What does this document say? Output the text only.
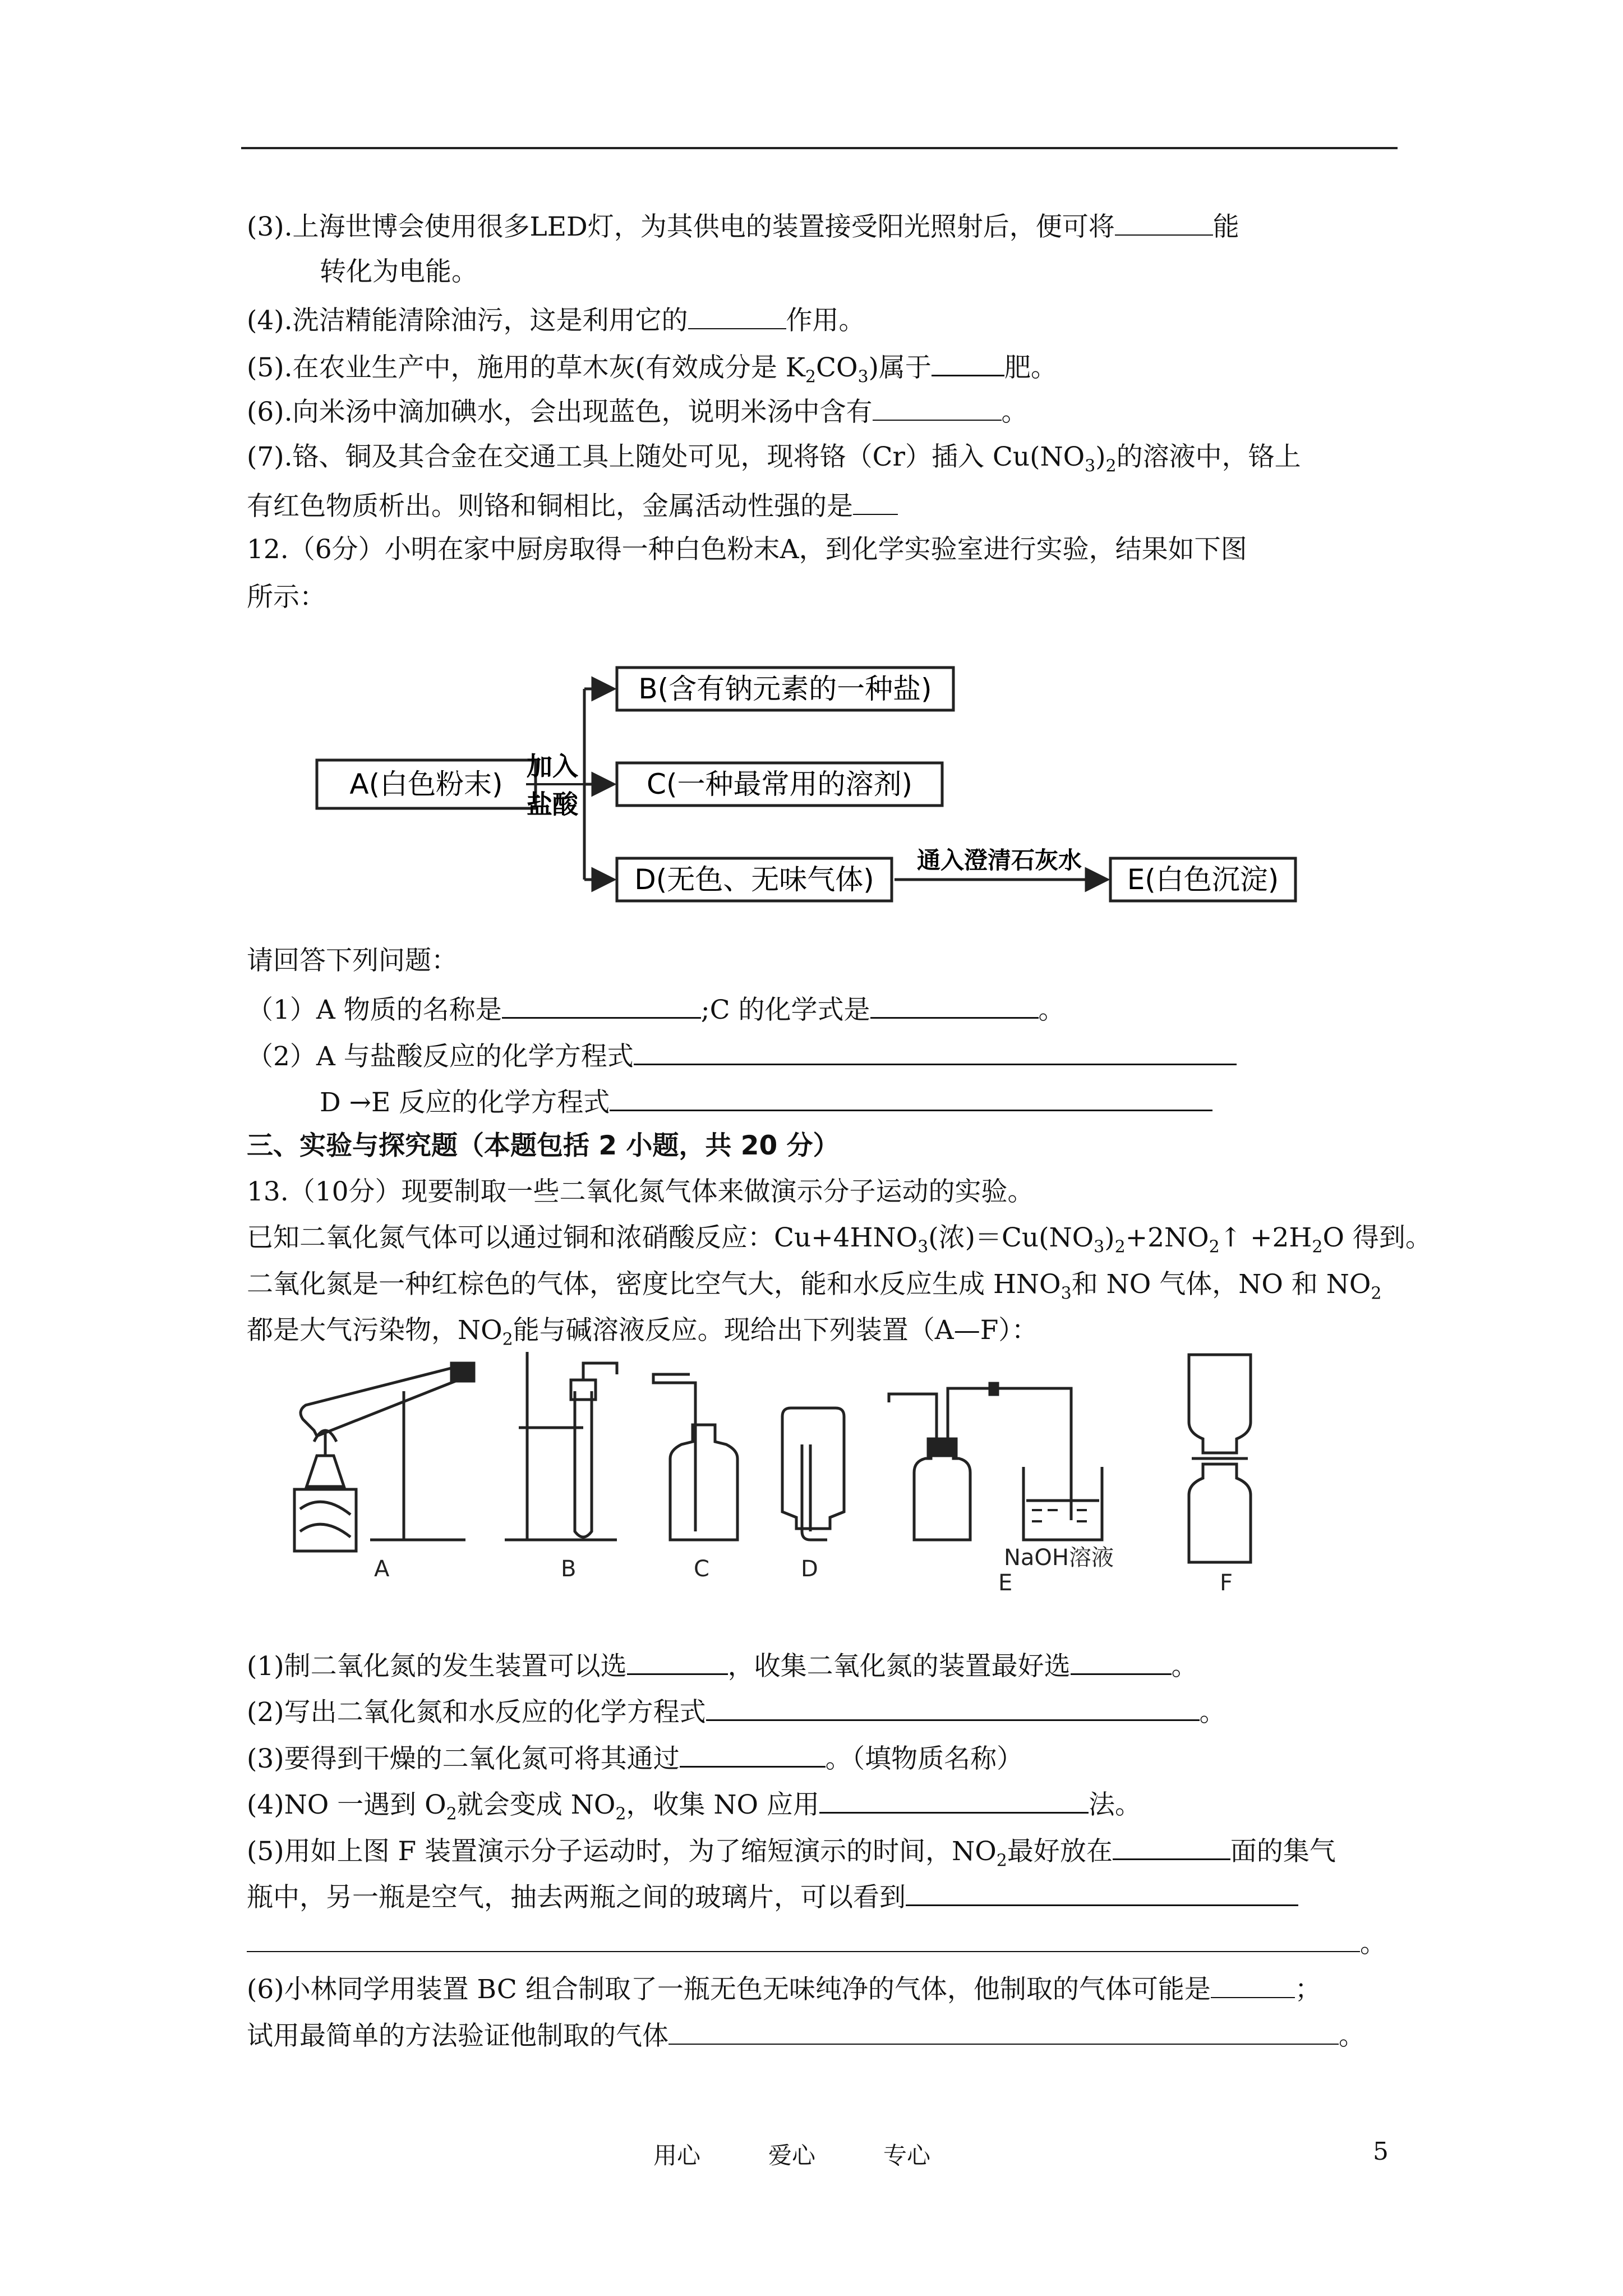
(3).上海世博会使用很多LED灯，为其供电的装置接受阳光照射后，便可将	能
转化为电能。
(4).洗洁精能清除油污，这是利用它的	作用。
(5).在农业生产中，施用的草木灰(有效成分是 $K_2CO_3$)属于	肥。
(6).向米汤中滴加碘水，会出现蓝色，说明米汤中含有	。
(7).铬、铜及其合金在交通工具上随处可见，现将铬（Cr）插入 $Cu(NO_3)_2$的溶液中，铬上
有红色物质析出。则铬和铜相比，金属活动性强的是
12.（6分）小明在家中厨房取得一种白色粉末A，到化学实验室进行实验，结果如下图
所示：
A(白色粉末)
加入
盐酸
B(含有钠元素的一种盐)
C(一种最常用的溶剂)
D(无色、无味气体)
通入澄清石灰水
E(白色沉淀)
请回答下列问题：
（1）A 物质的名称是	;C 的化学式是	。
（2）A 与盐酸反应的化学方程式
D →E 反应的化学方程式
三、实验与探究题（本题包括 2 小题，共 20 分）
13.（10分）现要制取一些二氧化氮气体来做演示分子运动的实验。
已知二氧化氮气体可以通过铜和浓硝酸反应：$Cu+4HNO_3$(浓)$=Cu(NO_3)_2+2NO_2↑ +2H_2O$ 得到。
二氧化氮是一种红棕色的气体，密度比空气大，能和水反应生成 $HNO_3$和 NO 气体，NO 和 $NO_2$
都是大气污染物，$NO_2$能与碱溶液反应。现给出下列装置（A—F）：
NaOH溶液
A	B	C	D
E	F
(1)制二氧化氮的发生装置可以选	，收集二氧化氮的装置最好选	。
(2)写出二氧化氮和水反应的化学方程式	。
(3)要得到干燥的二氧化氮可将其通过	。（填物质名称）
(4)NO 一遇到 $O_2$就会变成 $NO_2$，收集 NO 应用	法。
(5)用如上图 F 装置演示分子运动时，为了缩短演示的时间，$NO_2$最好放在	面的集气
瓶中，另一瓶是空气，抽去两瓶之间的玻璃片，可以看到
。
(6)小林同学用装置 BC 组合制取了一瓶无色无味纯净的气体，他制取的气体可能是	；
试用最简单的方法验证他制取的气体	。
用心	爱心	专心	5
